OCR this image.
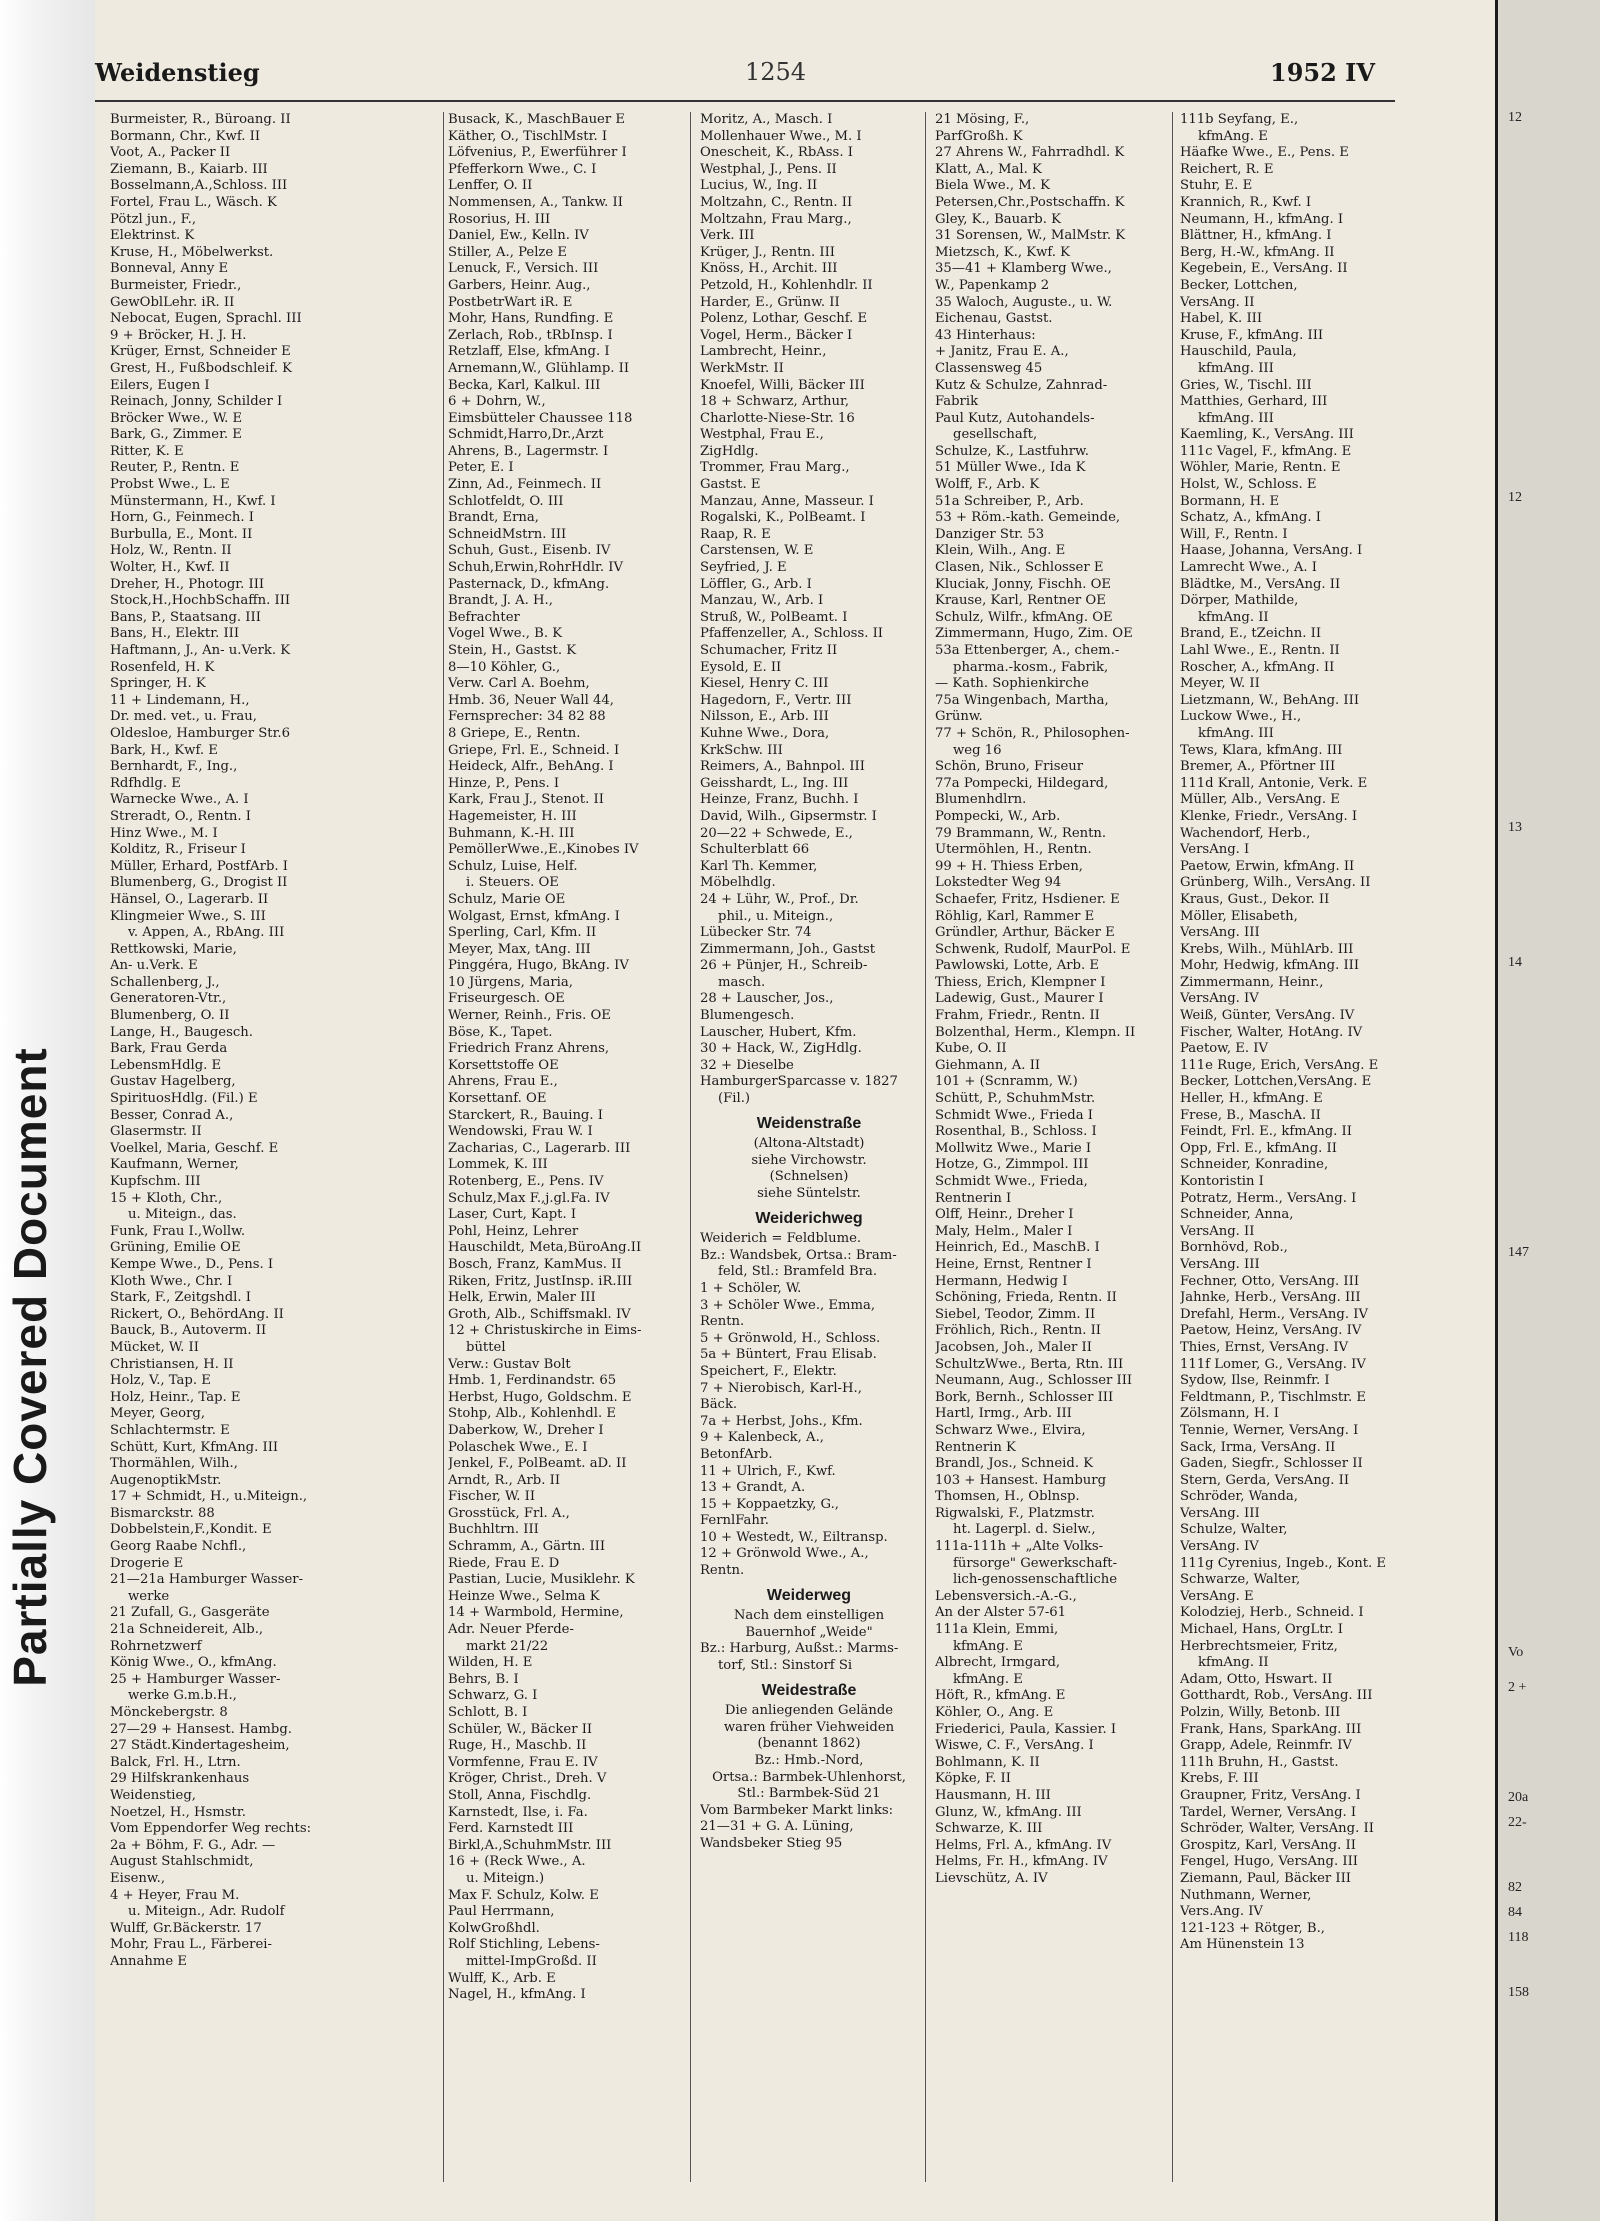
Partially Covered Document
12
12
13
14
147
Vo
2 +
20a
22-
82
84
118
158
Weidenstieg	1254	1952 IV
Burmeister, R., Büroang. II
Bormann, Chr., Kwf. II
Voot, A., Packer II
Ziemann, B., Kaiarb. III
Bosselmann,A.,Schloss. III
Fortel, Frau L., Wäsch. K
Pötzl jun., F.,
Elektrinst. K
Kruse, H., Möbelwerkst.
Bonneval, Anny E
Burmeister, Friedr.,
GewOblLehr. iR. II
Nebocat, Eugen, Sprachl. III
9 + Bröcker, H. J. H.
Krüger, Ernst, Schneider E
Grest, H., Fußbodschleif. K
Eilers, Eugen I
Reinach, Jonny, Schilder I
Bröcker Wwe., W. E
Bark, G., Zimmer. E
Ritter, K. E
Reuter, P., Rentn. E
Probst Wwe., L. E
Münstermann, H., Kwf. I
Horn, G., Feinmech. I
Burbulla, E., Mont. II
Holz, W., Rentn. II
Wolter, H., Kwf. II
Dreher, H., Photogr. III
Stock,H.,HochbSchaffn. III
Bans, P., Staatsang. III
Bans, H., Elektr. III
Haftmann, J., An- u.Verk. K
Rosenfeld, H. K
Springer, H. K
11 + Lindemann, H.,
Dr. med. vet., u. Frau,
Oldesloe, Hamburger Str.6
Bark, H., Kwf. E
Bernhardt, F., Ing.,
Rdfhdlg. E
Warnecke Wwe., A. I
Streradt, O., Rentn. I
Hinz Wwe., M. I
Kolditz, R., Friseur I
Müller, Erhard, PostfArb. I
Blumenberg, G., Drogist II
Hänsel, O., Lagerarb. II
Klingmeier Wwe., S. III
v. Appen, A., RbAng. III
Rettkowski, Marie,
An- u.Verk. E
Schallenberg, J.,
Generatoren-Vtr.,
Blumenberg, O. II
Lange, H., Baugesch.
Bark, Frau Gerda
LebensmHdlg. E
Gustav Hagelberg,
SpirituosHdlg. (Fil.) E
Besser, Conrad A.,
Glasermstr. II
Voelkel, Maria, Geschf. E
Kaufmann, Werner,
Kupfschm. III
15 + Kloth, Chr.,
u. Miteign., das.
Funk, Frau I.,Wollw.
Grüning, Emilie OE
Kempe Wwe., D., Pens. I
Kloth Wwe., Chr. I
Stark, F., Zeitgshdl. I
Rickert, O., BehördAng. II
Bauck, B., Autoverm. II
Mücket, W. II
Christiansen, H. II
Holz, V., Tap. E
Holz, Heinr., Tap. E
Meyer, Georg,
Schlachtermstr. E
Schütt, Kurt, KfmAng. III
Thormählen, Wilh.,
AugenoptikMstr.
17 + Schmidt, H., u.Miteign.,
Bismarckstr. 88
Dobbelstein,F.,Kondit. E
Georg Raabe Nchfl.,
Drogerie E
21—21a Hamburger Wasser-
werke
21 Zufall, G., Gasgeräte
21a Schneidereit, Alb.,
Rohrnetzwerf
König Wwe., O., kfmAng.
25 + Hamburger Wasser-
werke G.m.b.H.,
Mönckebergstr. 8
27—29 + Hansest. Hambg.
27 Städt.Kindertagesheim,
Balck, Frl. H., Ltrn.
29 Hilfskrankenhaus
Weidenstieg,
Noetzel, H., Hsmstr.
Vom Eppendorfer Weg rechts:
2a + Böhm, F. G., Adr. —
August Stahlschmidt,
Eisenw.,
4 + Heyer, Frau M.
u. Miteign., Adr. Rudolf
Wulff, Gr.Bäckerstr. 17
Mohr, Frau L., Färberei-
Annahme E
Busack, K., MaschBauer E
Käther, O., TischlMstr. I
Löfvenius, P., Ewerführer I
Pfefferkorn Wwe., C. I
Lenffer, O. II
Nommensen, A., Tankw. II
Rosorius, H. III
Daniel, Ew., Kelln. IV
Stiller, A., Pelze E
Lenuck, F., Versich. III
Garbers, Heinr. Aug.,
PostbetrWart iR. E
Mohr, Hans, Rundfing. E
Zerlach, Rob., tRbInsp. I
Retzlaff, Else, kfmAng. I
Arnemann,W., Glühlamp. II
Becka, Karl, Kalkul. III
6 + Dohrn, W.,
Eimsbütteler Chaussee 118
Schmidt,Harro,Dr.,Arzt
Ahrens, B., Lagermstr. I
Peter, E. I
Zinn, Ad., Feinmech. II
Schlotfeldt, O. III
Brandt, Erna,
SchneidMstrn. III
Schuh, Gust., Eisenb. IV
Schuh,Erwin,RohrHdlr. IV
Pasternack, D., kfmAng.
Brandt, J. A. H.,
Befrachter
Vogel Wwe., B. K
Stein, H., Gastst. K
8—10 Köhler, G.,
Verw. Carl A. Boehm,
Hmb. 36, Neuer Wall 44,
Fernsprecher: 34 82 88
8 Griepe, E., Rentn.
Griepe, Frl. E., Schneid. I
Heideck, Alfr., BehAng. I
Hinze, P., Pens. I
Kark, Frau J., Stenot. II
Hagemeister, H. III
Buhmann, K.-H. III
PemöllerWwe.,E.,Kinobes IV
Schulz, Luise, Helf.
i. Steuers. OE
Schulz, Marie OE
Wolgast, Ernst, kfmAng. I
Sperling, Carl, Kfm. II
Meyer, Max, tAng. III
Pinggéra, Hugo, BkAng. IV
10 Jürgens, Maria,
Friseurgesch. OE
Werner, Reinh., Fris. OE
Böse, K., Tapet.
Friedrich Franz Ahrens,
Korsettstoffe OE
Ahrens, Frau E.,
Korsettanf. OE
Starckert, R., Bauing. I
Wendowski, Frau W. I
Zacharias, C., Lagerarb. III
Lommek, K. III
Rotenberg, E., Pens. IV
Schulz,Max F.,j.gl.Fa. IV
Laser, Curt, Kapt. I
Pohl, Heinz, Lehrer
Hauschildt, Meta,BüroAng.II
Bosch, Franz, KamMus. II
Riken, Fritz, JustInsp. iR.III
Helk, Erwin, Maler III
Groth, Alb., Schiffsmakl. IV
12 + Christuskirche in Eims-
büttel
Verw.: Gustav Bolt
Hmb. 1, Ferdinandstr. 65
Herbst, Hugo, Goldschm. E
Stohp, Alb., Kohlenhdl. E
Daberkow, W., Dreher I
Polaschek Wwe., E. I
Jenkel, F., PolBeamt. aD. II
Arndt, R., Arb. II
Fischer, W. II
Grosstück, Frl. A.,
Buchhltrn. III
Schramm, A., Gärtn. III
Riede, Frau E. D
Pastian, Lucie, Musiklehr. K
Heinze Wwe., Selma K
14 + Warmbold, Hermine,
Adr. Neuer Pferde-
markt 21/22
Wilden, H. E
Behrs, B. I
Schwarz, G. I
Schlott, B. I
Schüler, W., Bäcker II
Ruge, H., Maschb. II
Vormfenne, Frau E. IV
Kröger, Christ., Dreh. V
Stoll, Anna, Fischdlg.
Karnstedt, Ilse, i. Fa.
Ferd. Karnstedt III
Birkl,A.,SchuhmMstr. III
16 + (Reck Wwe., A.
u. Miteign.)
Max F. Schulz, Kolw. E
Paul Herrmann,
KolwGroßhdl.
Rolf Stichling, Lebens-
mittel-ImpGroßd. II
Wulff, K., Arb. E
Nagel, H., kfmAng. I
Moritz, A., Masch. I
Mollenhauer Wwe., M. I
Onescheit, K., RbAss. I
Westphal, J., Pens. II
Lucius, W., Ing. II
Moltzahn, C., Rentn. II
Moltzahn, Frau Marg.,
Verk. III
Krüger, J., Rentn. III
Knöss, H., Archit. III
Petzold, H., Kohlenhdlr. II
Harder, E., Grünw. II
Polenz, Lothar, Geschf. E
Vogel, Herm., Bäcker I
Lambrecht, Heinr.,
WerkMstr. II
Knoefel, Willi, Bäcker III
18 + Schwarz, Arthur,
Charlotte-Niese-Str. 16
Westphal, Frau E.,
ZigHdlg.
Trommer, Frau Marg.,
Gastst. E
Manzau, Anne, Masseur. I
Rogalski, K., PolBeamt. I
Raap, R. E
Carstensen, W. E
Seyfried, J. E
Löffler, G., Arb. I
Manzau, W., Arb. I
Struß, W., PolBeamt. I
Pfaffenzeller, A., Schloss. II
Schumacher, Fritz II
Eysold, E. II
Kiesel, Henry C. III
Hagedorn, F., Vertr. III
Nilsson, E., Arb. III
Kuhne Wwe., Dora,
KrkSchw. III
Reimers, A., Bahnpol. III
Geisshardt, L., Ing. III
Heinze, Franz, Buchh. I
David, Wilh., Gipsermstr. I
20—22 + Schwede, E.,
Schulterblatt 66
Karl Th. Kemmer,
Möbelhdlg.
24 + Lühr, W., Prof., Dr.
phil., u. Miteign.,
Lübecker Str. 74
Zimmermann, Joh., Gastst
26 + Pünjer, H., Schreib-
masch.
28 + Lauscher, Jos.,
Blumengesch.
Lauscher, Hubert, Kfm.
30 + Hack, W., ZigHdlg.
32 + Dieselbe
HamburgerSparcasse v. 1827
(Fil.)
Weidenstraße
(Altona-Altstadt)
siehe Virchowstr.
(Schnelsen)
siehe Süntelstr.
Weiderichweg
Weiderich = Feldblume.
Bz.: Wandsbek, Ortsa.: Bram-
feld, Stl.: Bramfeld Bra.
1 + Schöler, W.
3 + Schöler Wwe., Emma,
Rentn.
5 + Grönwold, H., Schloss.
5a + Büntert, Frau Elisab.
Speichert, F., Elektr.
7 + Nierobisch, Karl-H.,
Bäck.
7a + Herbst, Johs., Kfm.
9 + Kalenbeck, A.,
BetonfArb.
11 + Ulrich, F., Kwf.
13 + Grandt, A.
15 + Koppaetzky, G.,
FernlFahr.
10 + Westedt, W., Eiltransp.
12 + Grönwold Wwe., A.,
Rentn.
Weiderweg
Nach dem einstelligen
Bauernhof „Weide"
Bz.: Harburg, Außst.: Marms-
torf, Stl.: Sinstorf Si
Weidestraße
Die anliegenden Gelände
waren früher Viehweiden
(benannt 1862)
Bz.: Hmb.-Nord,
Ortsa.: Barmbek-Uhlenhorst,
Stl.: Barmbek-Süd 21
Vom Barmbeker Markt links:
21—31 + G. A. Lüning,
Wandsbeker Stieg 95
21 Mösing, F.,
ParfGroßh. K
27 Ahrens W., Fahrradhdl. K
Klatt, A., Mal. K
Biela Wwe., M. K
Petersen,Chr.,Postschaffn. K
Gley, K., Bauarb. K
31 Sorensen, W., MalMstr. K
Mietzsch, K., Kwf. K
35—41 + Klamberg Wwe.,
W., Papenkamp 2
35 Waloch, Auguste., u. W.
Eichenau, Gastst.
43 Hinterhaus:
+ Janitz, Frau E. A.,
Classensweg 45
Kutz & Schulze, Zahnrad-
Fabrik
Paul Kutz, Autohandels-
gesellschaft,
Schulze, K., Lastfuhrw.
51 Müller Wwe., Ida K
Wolff, F., Arb. K
51a Schreiber, P., Arb.
53 + Röm.-kath. Gemeinde,
Danziger Str. 53
Klein, Wilh., Ang. E
Clasen, Nik., Schlosser E
Kluciak, Jonny, Fischh. OE
Krause, Karl, Rentner OE
Schulz, Wilfr., kfmAng. OE
Zimmermann, Hugo, Zim. OE
53a Ettenberger, A., chem.-
pharma.-kosm., Fabrik,
— Kath. Sophienkirche
75a Wingenbach, Martha,
Grünw.
77 + Schön, R., Philosophen-
weg 16
Schön, Bruno, Friseur
77a Pompecki, Hildegard,
Blumenhdlrn.
Pompecki, W., Arb.
79 Brammann, W., Rentn.
Utermöhlen, H., Rentn.
99 + H. Thiess Erben,
Lokstedter Weg 94
Schaefer, Fritz, Hsdiener. E
Röhlig, Karl, Rammer E
Gründler, Arthur, Bäcker E
Schwenk, Rudolf, MaurPol. E
Pawlowski, Lotte, Arb. E
Thiess, Erich, Klempner I
Ladewig, Gust., Maurer I
Frahm, Friedr., Rentn. II
Bolzenthal, Herm., Klempn. II
Kube, O. II
Giehmann, A. II
101 + (Scnramm, W.)
Schütt, P., SchuhmMstr.
Schmidt Wwe., Frieda I
Rosenthal, B., Schloss. I
Mollwitz Wwe., Marie I
Hotze, G., Zimmpol. III
Schmidt Wwe., Frieda,
Rentnerin I
Olff, Heinr., Dreher I
Maly, Helm., Maler I
Heinrich, Ed., MaschB. I
Heine, Ernst, Rentner I
Hermann, Hedwig I
Schöning, Frieda, Rentn. II
Siebel, Teodor, Zimm. II
Fröhlich, Rich., Rentn. II
Jacobsen, Joh., Maler II
SchultzWwe., Berta, Rtn. III
Neumann, Aug., Schlosser III
Bork, Bernh., Schlosser III
Hartl, Irmg., Arb. III
Schwarz Wwe., Elvira,
Rentnerin K
Brandl, Jos., Schneid. K
103 + Hansest. Hamburg
Thomsen, H., Oblnsp.
Rigwalski, F., Platzmstr.
ht. Lagerpl. d. Sielw.,
111a-111h + „Alte Volks-
fürsorge" Gewerkschaft-
lich-genossenschaftliche
Lebensversich.-A.-G.,
An der Alster 57-61
111a Klein, Emmi,
kfmAng. E
Albrecht, Irmgard,
kfmAng. E
Höft, R., kfmAng. E
Köhler, O., Ang. E
Friederici, Paula, Kassier. I
Wiswe, C. F., VersAng. I
Bohlmann, K. II
Köpke, F. II
Hausmann, H. III
Glunz, W., kfmAng. III
Schwarze, K. III
Helms, Frl. A., kfmAng. IV
Helms, Fr. H., kfmAng. IV
Lievschütz, A. IV
111b Seyfang, E.,
kfmAng. E
Häafke Wwe., E., Pens. E
Reichert, R. E
Stuhr, E. E
Krannich, R., Kwf. I
Neumann, H., kfmAng. I
Blättner, H., kfmAng. I
Berg, H.-W., kfmAng. II
Kegebein, E., VersAng. II
Becker, Lottchen,
VersAng. II
Habel, K. III
Kruse, F., kfmAng. III
Hauschild, Paula,
kfmAng. III
Gries, W., Tischl. III
Matthies, Gerhard, III
kfmAng. III
Kaemling, K., VersAng. III
111c Vagel, F., kfmAng. E
Wöhler, Marie, Rentn. E
Holst, W., Schloss. E
Bormann, H. E
Schatz, A., kfmAng. I
Will, F., Rentn. I
Haase, Johanna, VersAng. I
Lamrecht Wwe., A. I
Blädtke, M., VersAng. II
Dörper, Mathilde,
kfmAng. II
Brand, E., tZeichn. II
Lahl Wwe., E., Rentn. II
Roscher, A., kfmAng. II
Meyer, W. II
Lietzmann, W., BehAng. III
Luckow Wwe., H.,
kfmAng. III
Tews, Klara, kfmAng. III
Bremer, A., Pförtner III
111d Krall, Antonie, Verk. E
Müller, Alb., VersAng. E
Klenke, Friedr., VersAng. I
Wachendorf, Herb.,
VersAng. I
Paetow, Erwin, kfmAng. II
Grünberg, Wilh., VersAng. II
Kraus, Gust., Dekor. II
Möller, Elisabeth,
VersAng. III
Krebs, Wilh., MühlArb. III
Mohr, Hedwig, kfmAng. III
Zimmermann, Heinr.,
VersAng. IV
Weiß, Günter, VersAng. IV
Fischer, Walter, HotAng. IV
Paetow, E. IV
111e Ruge, Erich, VersAng. E
Becker, Lottchen,VersAng. E
Heller, H., kfmAng. E
Frese, B., MaschA. II
Feindt, Frl. E., kfmAng. II
Opp, Frl. E., kfmAng. II
Schneider, Konradine,
Kontoristin I
Potratz, Herm., VersAng. I
Schneider, Anna,
VersAng. II
Bornhövd, Rob.,
VersAng. III
Fechner, Otto, VersAng. III
Jahnke, Herb., VersAng. III
Drefahl, Herm., VersAng. IV
Paetow, Heinz, VersAng. IV
Thies, Ernst, VersAng. IV
111f Lomer, G., VersAng. IV
Sydow, Ilse, Reinmfr. I
Feldtmann, P., Tischlmstr. E
Zölsmann, H. I
Tennie, Werner, VersAng. I
Sack, Irma, VersAng. II
Gaden, Siegfr., Schlosser II
Stern, Gerda, VersAng. II
Schröder, Wanda,
VersAng. III
Schulze, Walter,
VersAng. IV
111g Cyrenius, Ingeb., Kont. E
Schwarze, Walter,
VersAng. E
Kolodziej, Herb., Schneid. I
Michael, Hans, OrgLtr. I
Herbrechtsmeier, Fritz,
kfmAng. II
Adam, Otto, Hswart. II
Gotthardt, Rob., VersAng. III
Polzin, Willy, Betonb. III
Frank, Hans, SparkAng. III
Grapp, Adele, Reinmfr. IV
111h Bruhn, H., Gastst.
Krebs, F. III
Graupner, Fritz, VersAng. I
Tardel, Werner, VersAng. I
Schröder, Walter, VersAng. II
Grospitz, Karl, VersAng. II
Fengel, Hugo, VersAng. III
Ziemann, Paul, Bäcker III
Nuthmann, Werner,
Vers.Ang. IV
121-123 + Rötger, B.,
Am Hünenstein 13
